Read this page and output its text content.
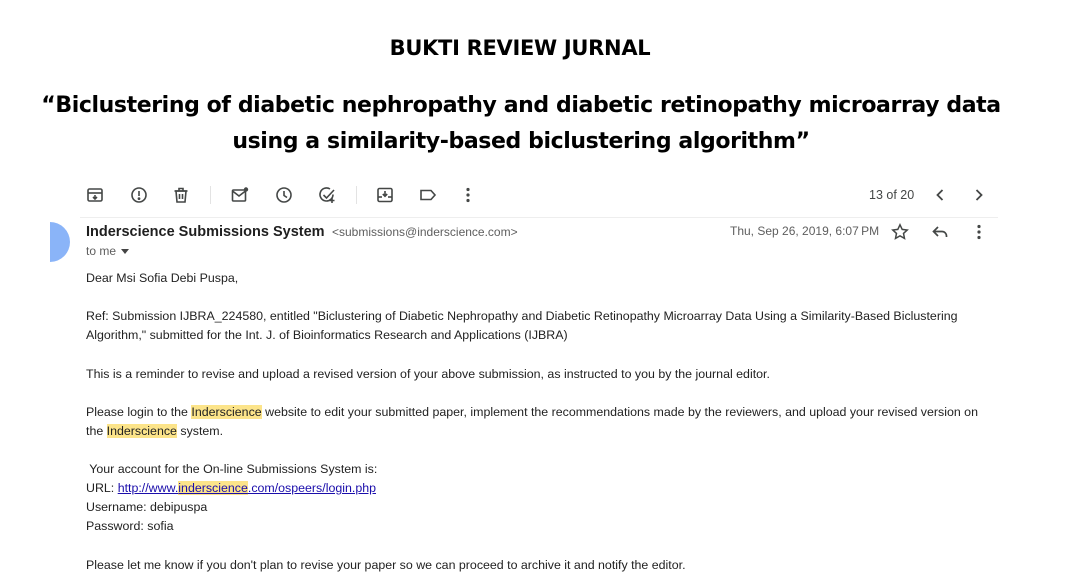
BUKTI REVIEW JURNAL
“Biclustering of diabetic nephropathy and diabetic retinopathy microarray data using a similarity-based biclustering algorithm”
13 of 20
Inderscience Submissions System <submissions@inderscience.com>
to me
Thu, Sep 26, 2019, 6:07 PM
Dear Msi Sofia Debi Puspa,
Ref: Submission IJBRA_224580, entitled "Biclustering of Diabetic Nephropathy and Diabetic Retinopathy Microarray Data Using a Similarity-Based Biclustering Algorithm," submitted for the Int. J. of Bioinformatics Research and Applications (IJBRA)
This is a reminder to revise and upload a revised version of your above submission, as instructed to you by the journal editor.
Please login to the Inderscience website to edit your submitted paper, implement the recommendations made by the reviewers, and upload your revised version on the Inderscience system.
Your account for the On-line Submissions System is:
URL: http://www.inderscience.com/ospeers/login.php
Username: debipuspa
Password: sofia
Please let me know if you don't plan to revise your paper so we can proceed to archive it and notify the editor.
